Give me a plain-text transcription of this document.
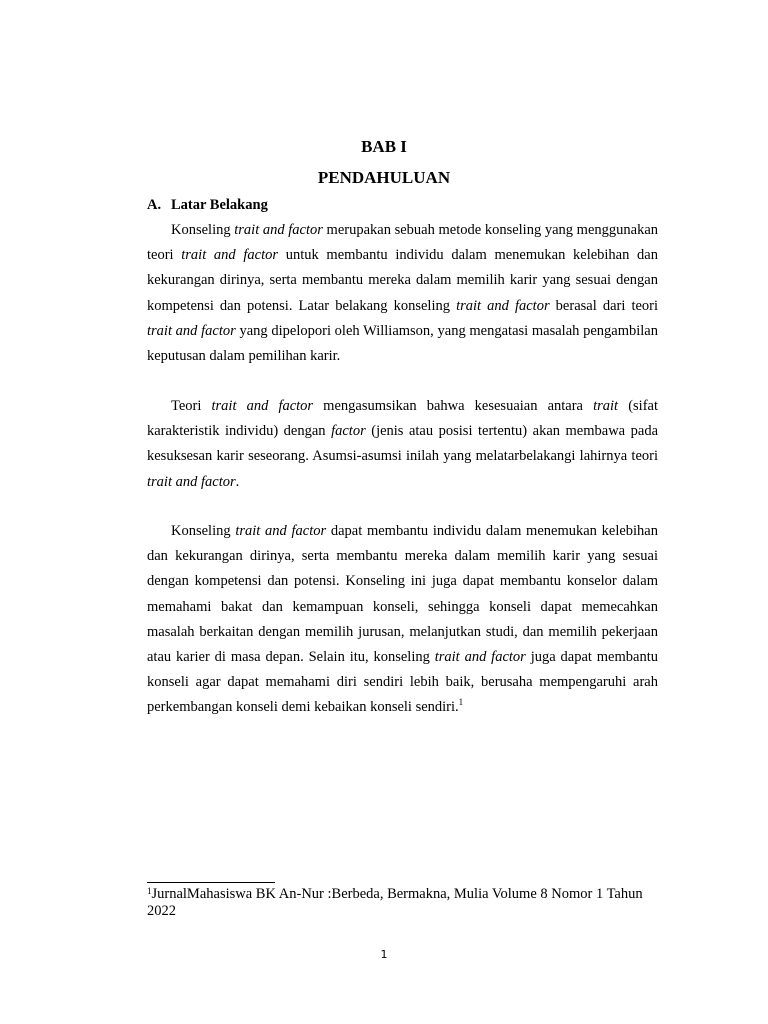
BAB I
PENDAHULUAN
A. Latar Belakang

Konseling trait and factor merupakan sebuah metode konseling yang menggunakan teori trait and factor untuk membantu individu dalam menemukan kelebihan dan kekurangan dirinya, serta membantu mereka dalam memilih karir yang sesuai dengan kompetensi dan potensi. Latar belakang konseling trait and factor berasal dari teori trait and factor yang dipelopori oleh Williamson, yang mengatasi masalah pengambilan keputusan dalam pemilihan karir.

Teori trait and factor mengasumsikan bahwa kesesuaian antara trait (sifat karakteristik individu) dengan factor (jenis atau posisi tertentu) akan membawa pada kesuksesan karir seseorang. Asumsi-asumsi inilah yang melatarbelakangi lahirnya teori trait and factor.

Konseling trait and factor dapat membantu individu dalam menemukan kelebihan dan kekurangan dirinya, serta membantu mereka dalam memilih karir yang sesuai dengan kompetensi dan potensi. Konseling ini juga dapat membantu konselor dalam memahami bakat dan kemampuan konseli, sehingga konseli dapat memecahkan masalah berkaitan dengan memilih jurusan, melanjutkan studi, dan memilih pekerjaan atau karier di masa depan. Selain itu, konseling trait and factor juga dapat membantu konseli agar dapat memahami diri sendiri lebih baik, berusaha mempengaruhi arah perkembangan konseli demi kebaikan konseli sendiri.$^1$

$^1$JurnalMahasiswa BK An-Nur :Berbeda, Bermakna, Mulia Volume 8 Nomor 1 Tahun 2022
1
